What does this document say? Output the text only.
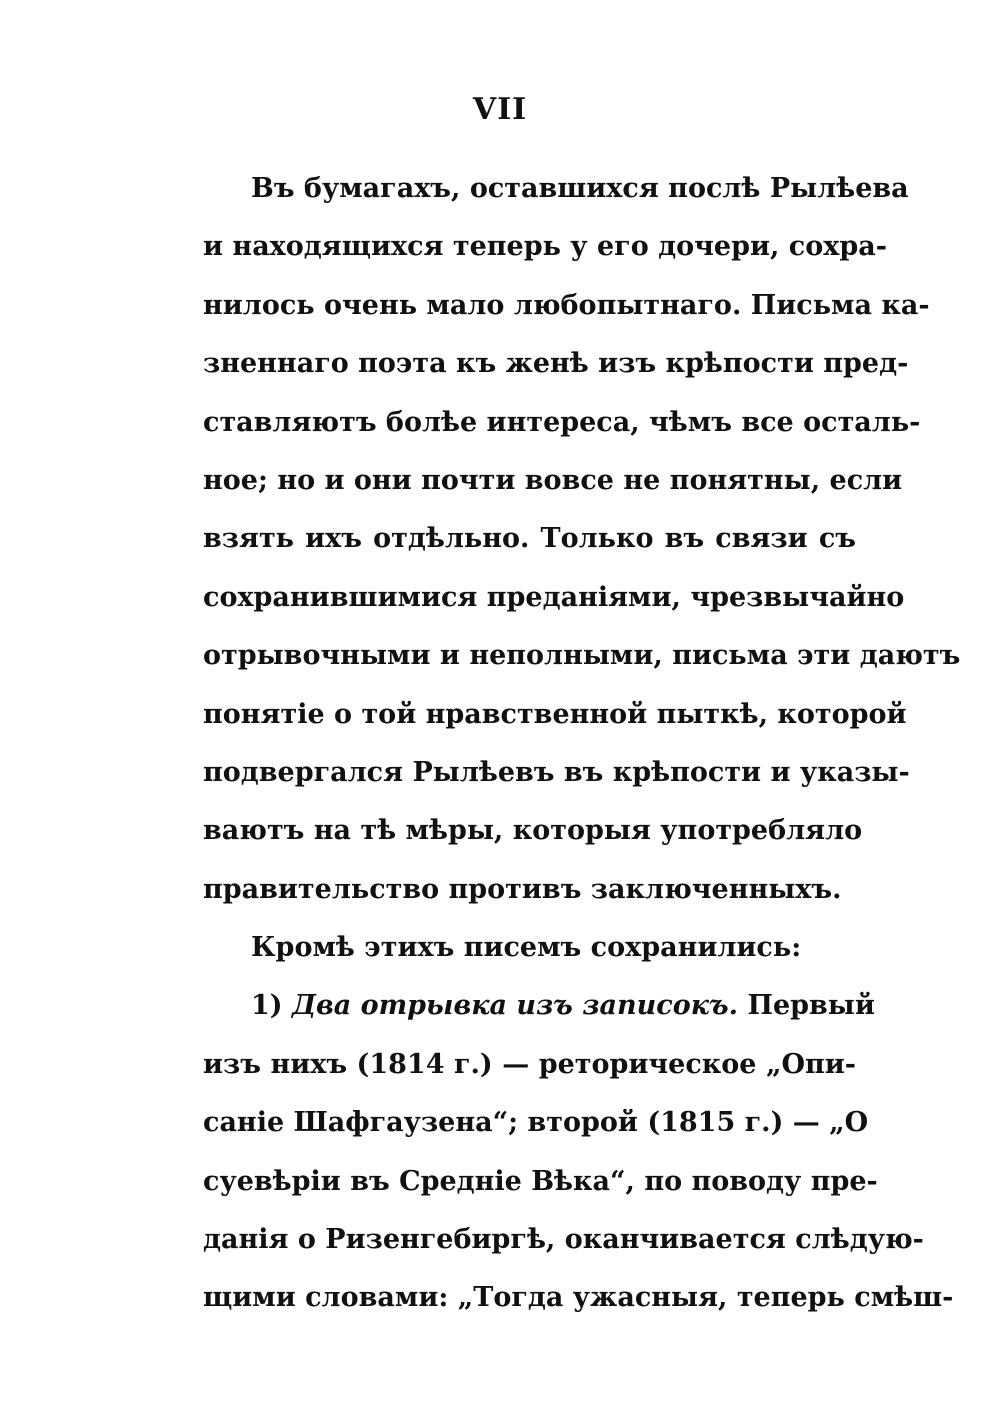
VII
Въ бумагахъ, оставшихся послѣ Рылѣева
и находящихся теперь у его дочери, сохра-
нилось очень мало любопытнаго. Письма ка-
зненнаго поэта къ женѣ изъ крѣпости пред-
ставляютъ болѣе интереса, чѣмъ все осталь-
ное; но и они почти вовсе не понятны, если
взять ихъ отдѣльно. Только въ связи съ
сохранившимися преданіями, чрезвычайно
отрывочными и неполными, письма эти даютъ
понятіе о той нравственной пыткѣ, которой
подвергался Рылѣевъ въ крѣпости и указы-
ваютъ на тѣ мѣры, которыя употребляло
правительство противъ заключенныхъ.
Кромѣ этихъ писемъ сохранились:
1) Два отрывка изъ записокъ. Первый
изъ нихъ (1814 г.) — реторическое „Опи-
саніе Шафгаузена“; второй (1815 г.) — „О
суевѣріи въ Средніе Вѣка“, по поводу пре-
данія о Ризенгебиргѣ, оканчивается слѣдую-
щими словами: „Тогда ужасныя, теперь смѣш-
